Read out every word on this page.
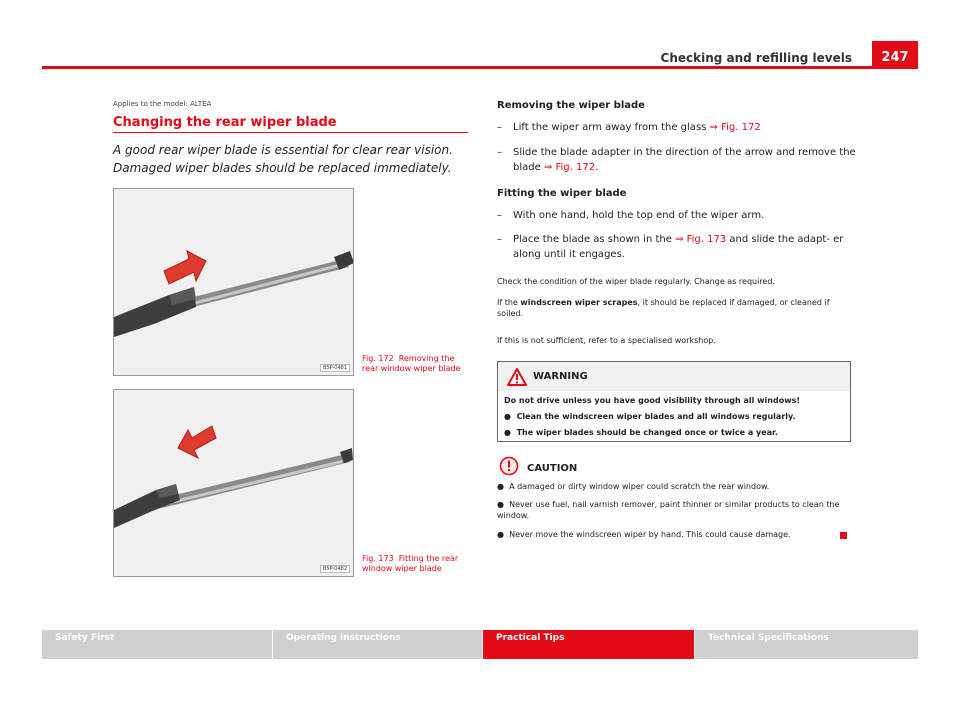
Checking and refilling levels	247
Applies to the model: ALTEA
Changing the rear wiper blade
A good rear wiper blade is essential for clear rear vision. Damaged wiper blades should be replaced immediately.
B5P-0481
Fig. 172 Removing the rear window wiper blade
B5P-0482
Fig. 173 Fitting the rear window wiper blade
Removing the wiper blade
– Lift the wiper arm away from the glass ⇒ Fig. 172
– Slide the blade adapter in the direction of the arrow and remove the blade ⇒ Fig. 172.
Fitting the wiper blade
– With one hand, hold the top end of the wiper arm.
– Place the blade as shown in the ⇒ Fig. 173 and slide the adapt- er along until it engages.
Check the condition of the wiper blade regularly. Change as required.
If the windscreen wiper scrapes, it should be replaced if damaged, or cleaned if soiled.
If this is not sufficient, refer to a specialised workshop.
WARNING
Do not drive unless you have good visibility through all windows!
● Clean the windscreen wiper blades and all windows regularly.
● The wiper blades should be changed once or twice a year.
CAUTION
● A damaged or dirty window wiper could scratch the rear window.
● Never use fuel, nail varnish remover, paint thinner or similar products to clean the window.
● Never move the windscreen wiper by hand. This could cause damage.
Safety First	Operating instructions	Practical Tips	Technical Specifications
